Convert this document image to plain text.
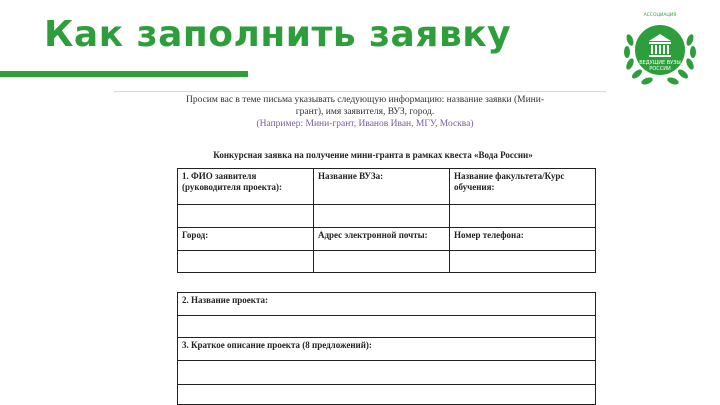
Как заполнить заявку
ВЕДУЩИЕ ВУЗЫ
РОССИИ
АССОЦИАЦИЯ
Просим вас в теме письма указывать следующую информацию: название заявки (Мини- грант), имя заявителя, ВУЗ, город.
(Например: Мини-грант, Иванов Иван, МГУ, Москва)
Конкурсная заявка на получение мини-гранта в рамках квеста «Вода России»
1. ФИО заявителя (руководителя проекта):	Название ВУЗа:	Название факультета/Курс обучения:

Город:	Адрес электронной почты:	Номер телефона:

2. Название проекта:

3. Краткое описание проекта (8 предложений):
